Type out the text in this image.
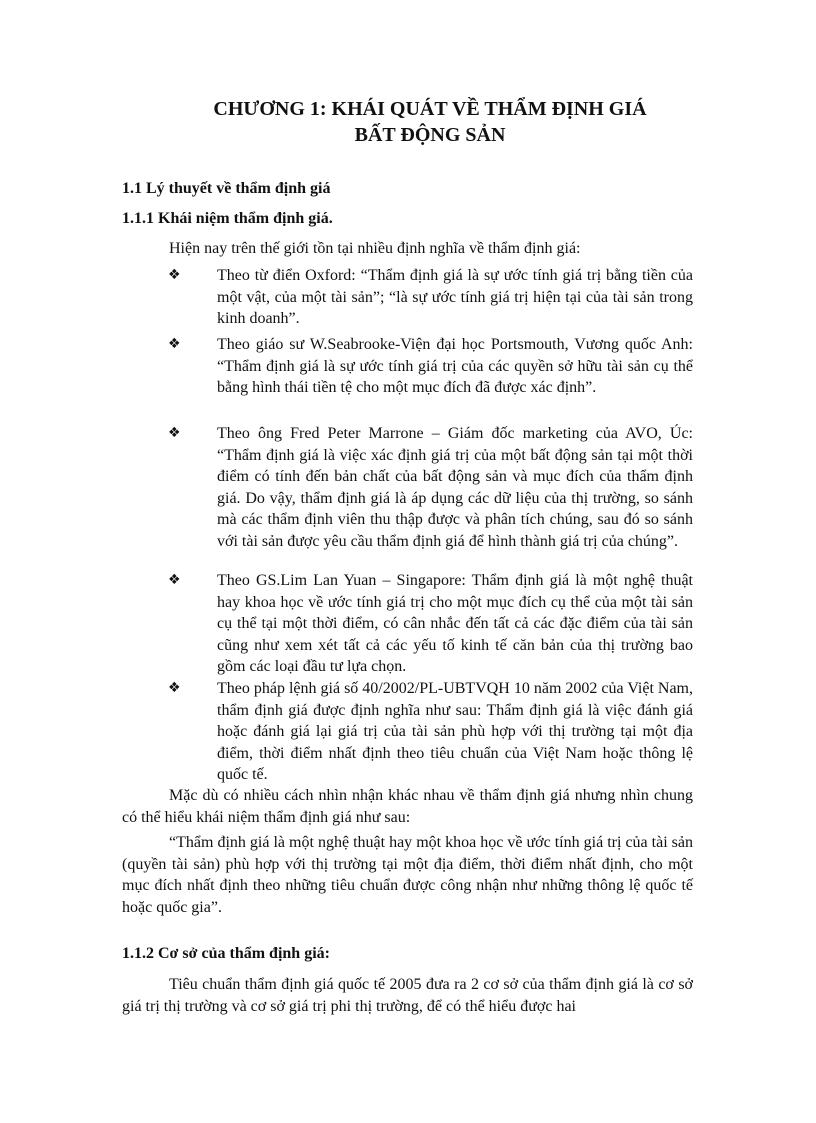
CHƯƠNG 1: KHÁI QUÁT VỀ THẨM ĐỊNH GIÁ
BẤT ĐỘNG SẢN
1.1 Lý thuyết về thẩm định giá
1.1.1 Khái niệm thẩm định giá.

Hiện nay trên thế giới tồn tại nhiều định nghĩa về thẩm định giá:

❖ Theo từ điển Oxford: “Thẩm định giá là sự ước tính giá trị bằng tiền của một vật, của một tài sản”; “là sự ước tính giá trị hiện tại của tài sản trong kinh doanh”.
❖ Theo giáo sư W.Seabrooke-Viện đại học Portsmouth, Vương quốc Anh: “Thẩm định giá là sự ước tính giá trị của các quyền sở hữu tài sản cụ thể bằng hình thái tiền tệ cho một mục đích đã được xác định”.
❖ Theo ông Fred Peter Marrone – Giám đốc marketing của AVO, Úc: “Thẩm định giá là việc xác định giá trị của một bất động sản tại một thời điểm có tính đến bản chất của bất động sản và mục đích của thẩm định giá. Do vậy, thẩm định giá là áp dụng các dữ liệu của thị trường, so sánh mà các thẩm định viên thu thập được và phân tích chúng, sau đó so sánh với tài sản được yêu cầu thẩm định giá để hình thành giá trị của chúng”.
❖ Theo GS.Lim Lan Yuan – Singapore: Thẩm định giá là một nghệ thuật hay khoa học về ước tính giá trị cho một mục đích cụ thể của một tài sản cụ thể tại một thời điểm, có cân nhắc đến tất cả các đặc điểm của tài sản cũng như xem xét tất cả các yếu tố kinh tế căn bản của thị trường bao gồm các loại đầu tư lựa chọn.
❖ Theo pháp lệnh giá số 40/2002/PL-UBTVQH 10 năm 2002 của Việt Nam, thẩm định giá được định nghĩa như sau: Thẩm định giá là việc đánh giá hoặc đánh giá lại giá trị của tài sản phù hợp với thị trường tại một địa điểm, thời điểm nhất định theo tiêu chuẩn của Việt Nam hoặc thông lệ quốc tế.

Mặc dù có nhiều cách nhìn nhận khác nhau về thẩm định giá nhưng nhìn chung có thể hiểu khái niệm thẩm định giá như sau:

“Thẩm định giá là một nghệ thuật hay một khoa học về ước tính giá trị của tài sản (quyền tài sản) phù hợp với thị trường tại một địa điểm, thời điểm nhất định, cho một mục đích nhất định theo những tiêu chuẩn được công nhận như những thông lệ quốc tế hoặc quốc gia”.

1.1.2 Cơ sở của thẩm định giá:

Tiêu chuẩn thẩm định giá quốc tế 2005 đưa ra 2 cơ sở của thẩm định giá là cơ sở giá trị thị trường và cơ sở giá trị phi thị trường, để có thể hiểu được hai
